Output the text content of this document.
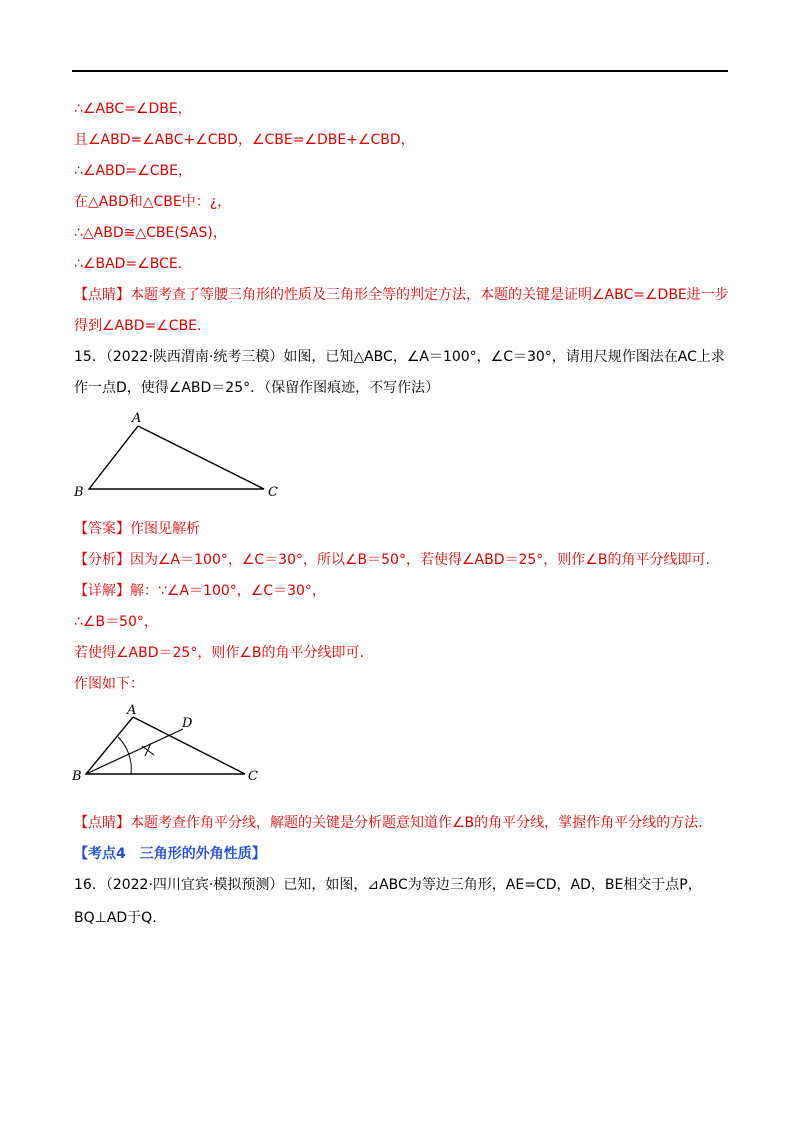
∴∠ABC=∠DBE，
且∠ABD=∠ABC+∠CBD，∠CBE=∠DBE+∠CBD，
∴∠ABD=∠CBE，
在△ABD和△CBE中：¿，
∴△ABD≅△CBE(SAS)，
∴∠BAD=∠BCE．
【点睛】本题考查了等腰三角形的性质及三角形全等的判定方法，本题的关键是证明∠ABC=∠DBE进一步
得到∠ABD=∠CBE.
15．（2022·陕西渭南·统考三模）如图，已知△ABC，∠A＝100°，∠C＝30°，请用尺规作图法在AC上求
作一点D，使得∠ABD＝25°．（保留作图痕迹，不写作法）
A
B	C
【答案】作图见解析
【分析】因为∠A＝100°，∠C＝30°，所以∠B＝50°，若使得∠ABD＝25°，则作∠B的角平分线即可.
【详解】解：∵∠A＝100°，∠C＝30°，
∴∠B＝50°，
若使得∠ABD＝25°，则作∠B的角平分线即可.
作图如下：
A
B	C
D
【点睛】本题考查作角平分线，解题的关键是分析题意知道作∠B的角平分线，掌握作角平分线的方法.
【考点4　三角形的外角性质】
16．（2022·四川宜宾·模拟预测）已知，如图，⊿ABC为等边三角形，AE=CD，AD，BE相交于点P，
BQ⊥AD于Q.
